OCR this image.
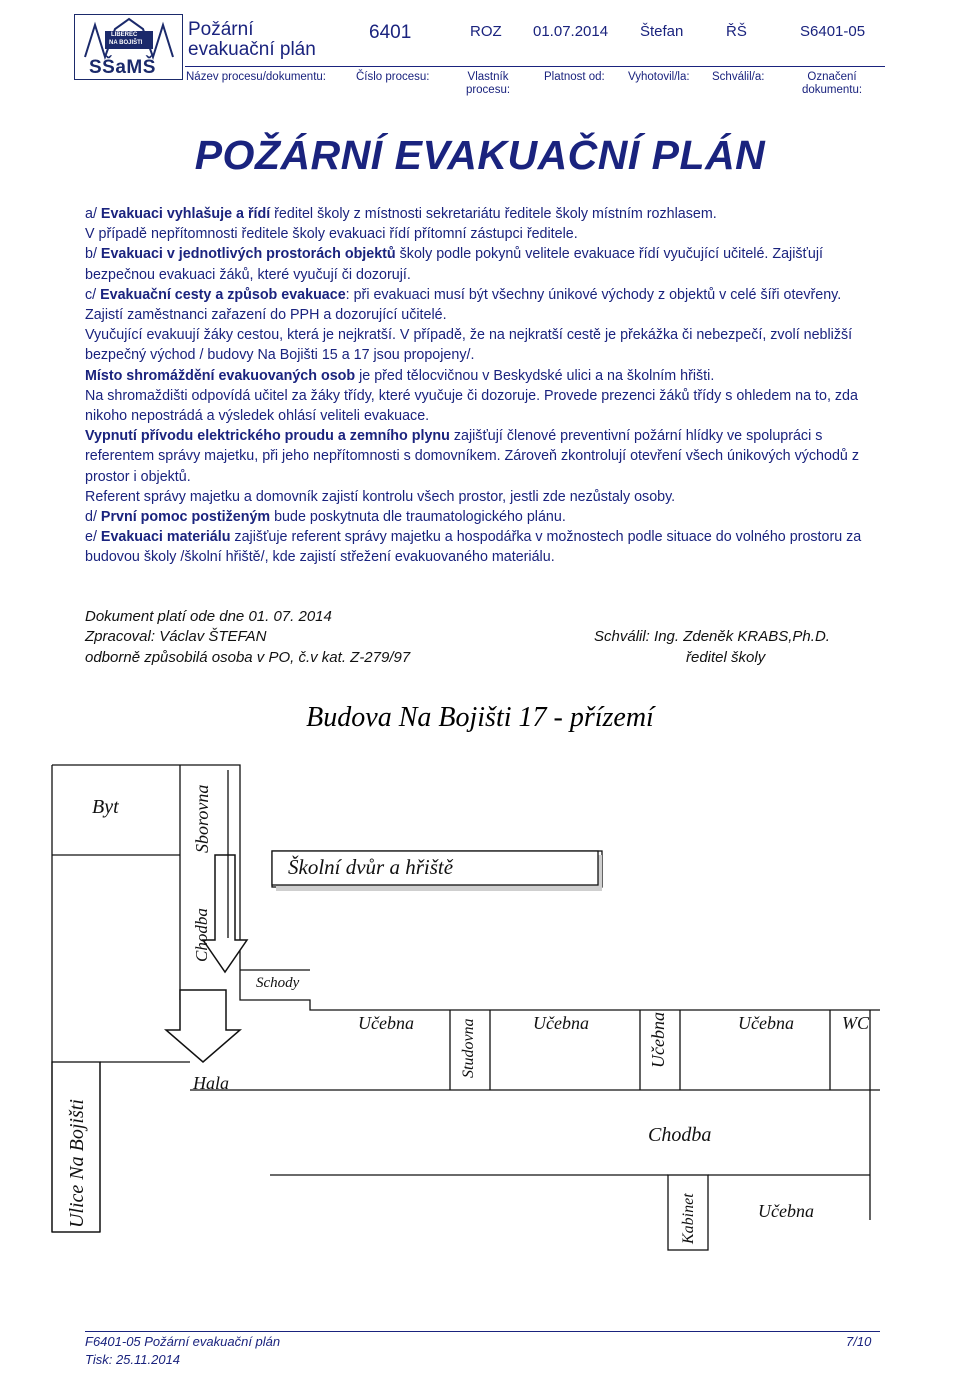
LIBEREC
NA BOJIŠTI
SŠaMŠ
Požární
evakuační plán
6401	ROZ 01.07.2014 Štefan	ŘŠ	S6401-05
Název procesu/dokumentu:	Číslo procesu:	Vlastník procesu:
Platnost od: Vyhotovil/la: Schválil/a:	Označení dokumentu:
POŽÁRNÍ EVAKUAČNÍ PLÁN

a/ Evakuaci vyhlašuje a řídí ředitel školy z místnosti sekretariátu ředitele školy místním rozhlasem.

V případě nepřítomnosti ředitele školy evakuaci řídí přítomní zástupci ředitele.

b/ Evakuaci v jednotlivých prostorách objektů školy podle pokynů velitele evakuace řídí vyučující učitelé. Zajišťují bezpečnou evakuaci žáků, které vyučují či dozorují.

c/ Evakuační cesty a způsob evakuace: při evakuaci musí být všechny únikové východy z objektů v celé šíři otevřeny. Zajistí zaměstnanci zařazení do PPH a dozorující učitelé.

Vyučující evakuují žáky cestou, která je nejkratší. V případě, že na nejkratší cestě je překážka či nebezpečí, zvolí nebližší bezpečný východ / budovy Na Bojišti 15 a 17 jsou propojeny/.

Místo shromáždění evakuovaných osob je před tělocvičnou v Beskydské ulici a na školním hřišti.

Na shromaždišti odpovídá učitel za žáky třídy, které vyučuje či dozoruje. Provede prezenci žáků třídy s ohledem na to, zda nikoho nepostrádá a výsledek ohlásí veliteli evakuace.

Vypnutí přívodu elektrického proudu a zemního plynu zajišťují členové preventivní požární hlídky ve spolupráci s referentem správy majetku, při jeho nepřítomnosti s domovníkem. Zároveň zkontrolují otevření všech únikových východů z prostor i objektů.

Referent správy majetku a domovník zajistí kontrolu všech prostor, jestli zde nezůstaly osoby.

d/ První pomoc postiženým bude poskytnuta dle traumatologického plánu.

e/ Evakuaci materiálu zajišťuje referent správy majetku a hospodářka v možnostech podle situace do volného prostoru za budovou školy /školní hřiště/, kde zajistí střežení evakuovaného materiálu.

Dokument platí ode dne 01. 07. 2014
Zpracoval: Václav ŠTEFAN
odborně způsobilá osoba v PO, č.v kat. Z-279/97
Schválil: Ing. Zdeněk KRABS,Ph.D.
ředitel školy
Budova Na Bojišti 17 - přízemí
Byt	Sborovna
Školní dvůr a hřiště
Chodba
Schody
Učebna	Studovna	Učebna	Učebna	Učebna	WC
Hala
Ulice Na Bojišti	Chodba
Kabinet	Učebna
F6401-05 Požární evakuační plán	7/10
Tisk: 25.11.2014
